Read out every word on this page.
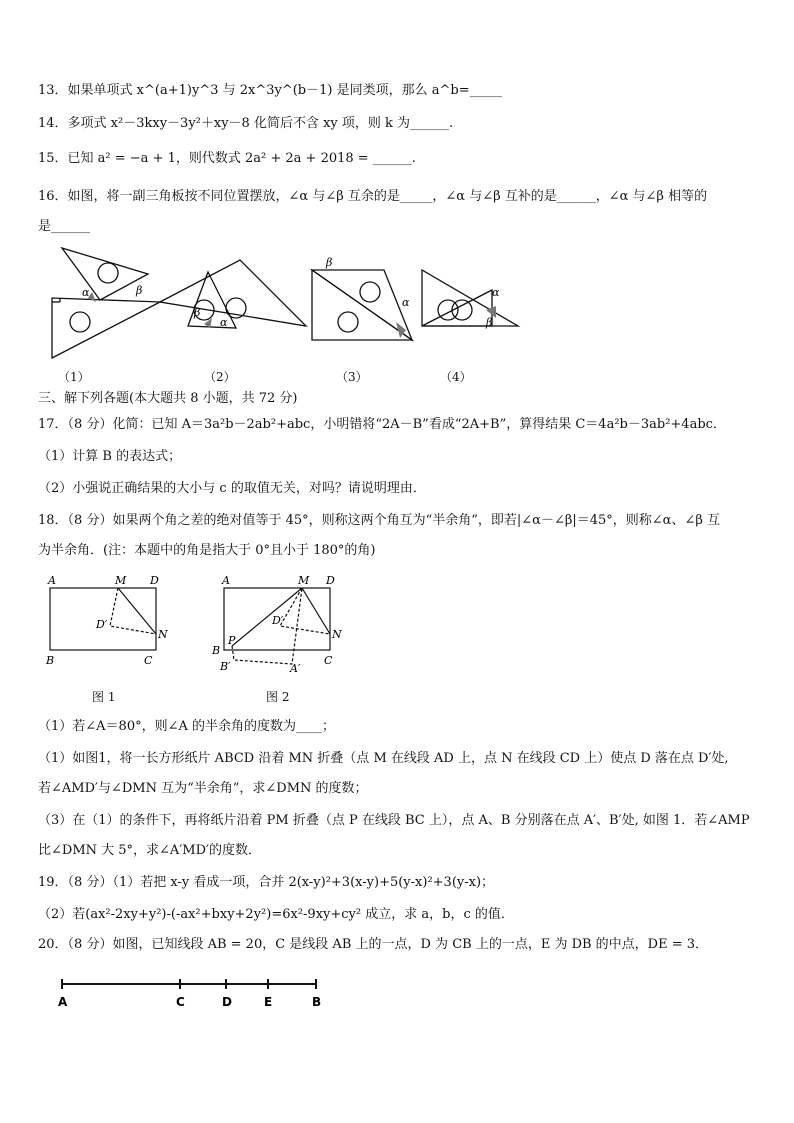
13．如果单项式 x^(a+1)y^3 与 2x^3y^(b－1) 是同类项，那么 a^b=_____
14．多项式 x²－3kxy－3y²＋xy－8 化简后不含 xy 项，则 k 为______.
15．已知 a² = −a + 1，则代数式 2a² + 2a + 2018 = ______.
16．如图，将一副三角板按不同位置摆放，∠α 与∠β 互余的是_____，∠α 与∠β 互补的是______，∠α 与∠β 相等的
是______
α	β
β
α
β
α
α
β
（1）	（2）	（3）	（4）
三、解下列各题(本大题共 8 小题，共 72 分)
17．（8 分）化简：已知 A＝3a²b－2ab²+abc，小明错将“2A－B”看成“2A+B”，算得结果 C＝4a²b－3ab²+4abc．
（1）计算 B 的表达式；
（2）小强说正确结果的大小与 c 的取值无关，对吗？请说明理由．
18．（8 分）如果两个角之差的绝对值等于 45°，则称这两个角互为“半余角”，即若|∠α－∠β|＝45°，则称∠α、∠β 互
为半余角．(注：本题中的角是指大于 0°且小于 180°的角)
A	M D
D′
N
B	C
A	M D
D′
N
P
B
B′	C
A′
图 1	图 2
（1）若∠A＝80°，则∠A 的半余角的度数为____；
（1）如图1，将一长方形纸片 ABCD 沿着 MN 折叠（点 M 在线段 AD 上，点 N 在线段 CD 上）使点 D 落在点 D′处,
若∠AMD′与∠DMN 互为“半余角”，求∠DMN 的度数；
（3）在（1）的条件下，再将纸片沿着 PM 折叠（点 P 在线段 BC 上），点 A、B 分别落在点 A′、B′处, 如图 1．若∠AMP
比∠DMN 大 5°，求∠A′MD′的度数．
19．（8 分）（1）若把 x-y 看成一项，合并 2(x-y)²+3(x-y)+5(y-x)²+3(y-x)；
（2）若(ax²-2xy+y²)-(-ax²+bxy+2y²)=6x²-9xy+cy² 成立，求 a，b，c 的值．
20．（8 分）如图，已知线段 AB = 20，C 是线段 AB 上的一点，D 为 CB 上的一点，E 为 DB 的中点，DE = 3．
A	C	D	E	B
